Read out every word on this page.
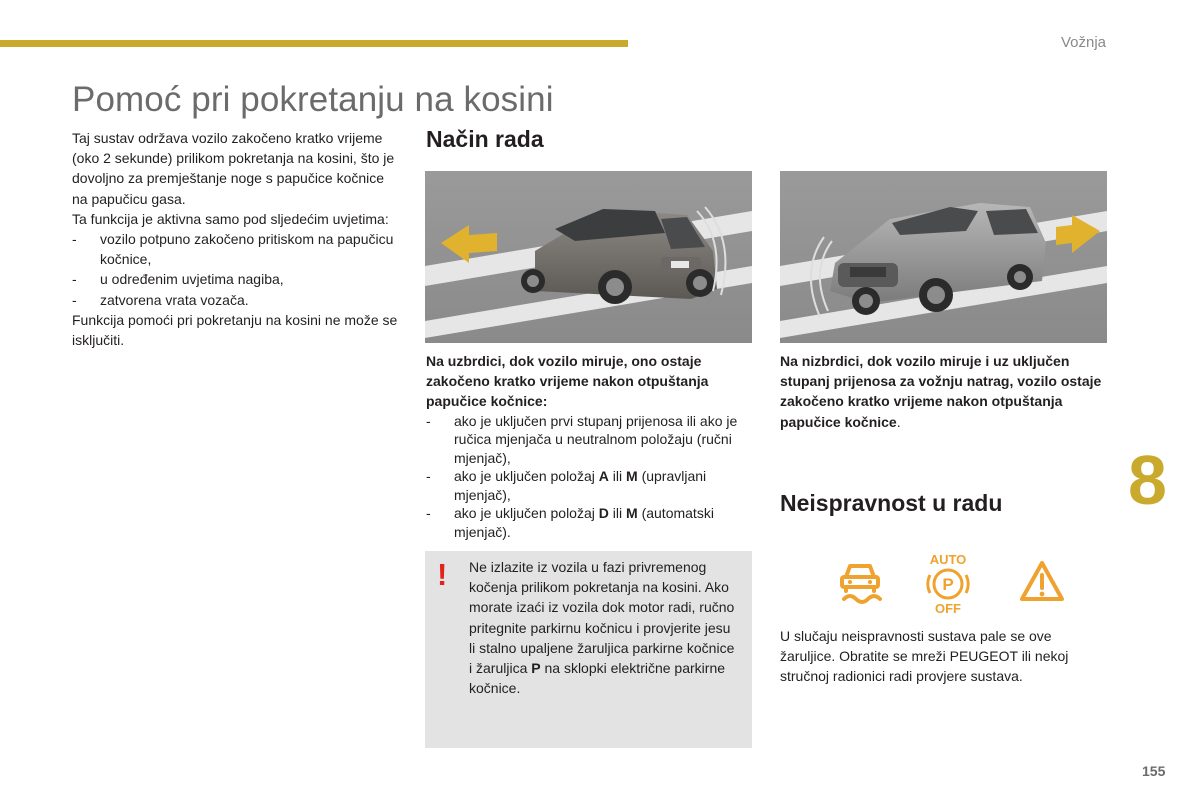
Vožnja
Pomoć pri pokretanju na kosini

Taj sustav održava vozilo zakočeno kratko vrijeme (oko 2 sekunde) prilikom pokretanja na kosini, što je dovoljno za premještanje noge s papučice kočnice na papučicu gasa.

Ta funkcija je aktivna samo pod sljedećim uvjetima:

- vozilo potpuno zakočeno pritiskom na papučicu kočnice,
- u određenim uvjetima nagiba,
- zatvorena vrata vozača.

Funkcija pomoći pri pokretanju na kosini ne može se isključiti.

Način rada

Na uzbrdici, dok vozilo miruje, ono ostaje zakočeno kratko vrijeme nakon otpuštanja papučice kočnice:

- ako je uključen prvi stupanj prijenosa ili ako je ručica mjenjača u neutralnom položaju (ručni mjenjač),
- ako je uključen položaj A ili M (upravljani mjenjač),
- ako je uključen položaj D ili M (automatski mjenjač).
Na nizbrdici, dok vozilo miruje i uz uključen stupanj prijenosa za vožnju natrag, vozilo ostaje zakočeno kratko vrijeme nakon otpuštanja papučice kočnice.
! Ne izlazite iz vozila u fazi privremenog kočenja prilikom pokretanja na kosini. Ako morate izaći iz vozila dok motor radi, ručno pritegnite parkirnu kočnicu i provjerite jesu li stalno upaljene žaruljica parkirne kočnice i žaruljica P na sklopki električne parkirne kočnice.
Neispravnost u radu
AUTO
P
OFF
U slučaju neispravnosti sustava pale se ove žaruljice. Obratite se mreži PEUGEOT ili nekoj stručnoj radionici radi provjere sustava.
8
155
